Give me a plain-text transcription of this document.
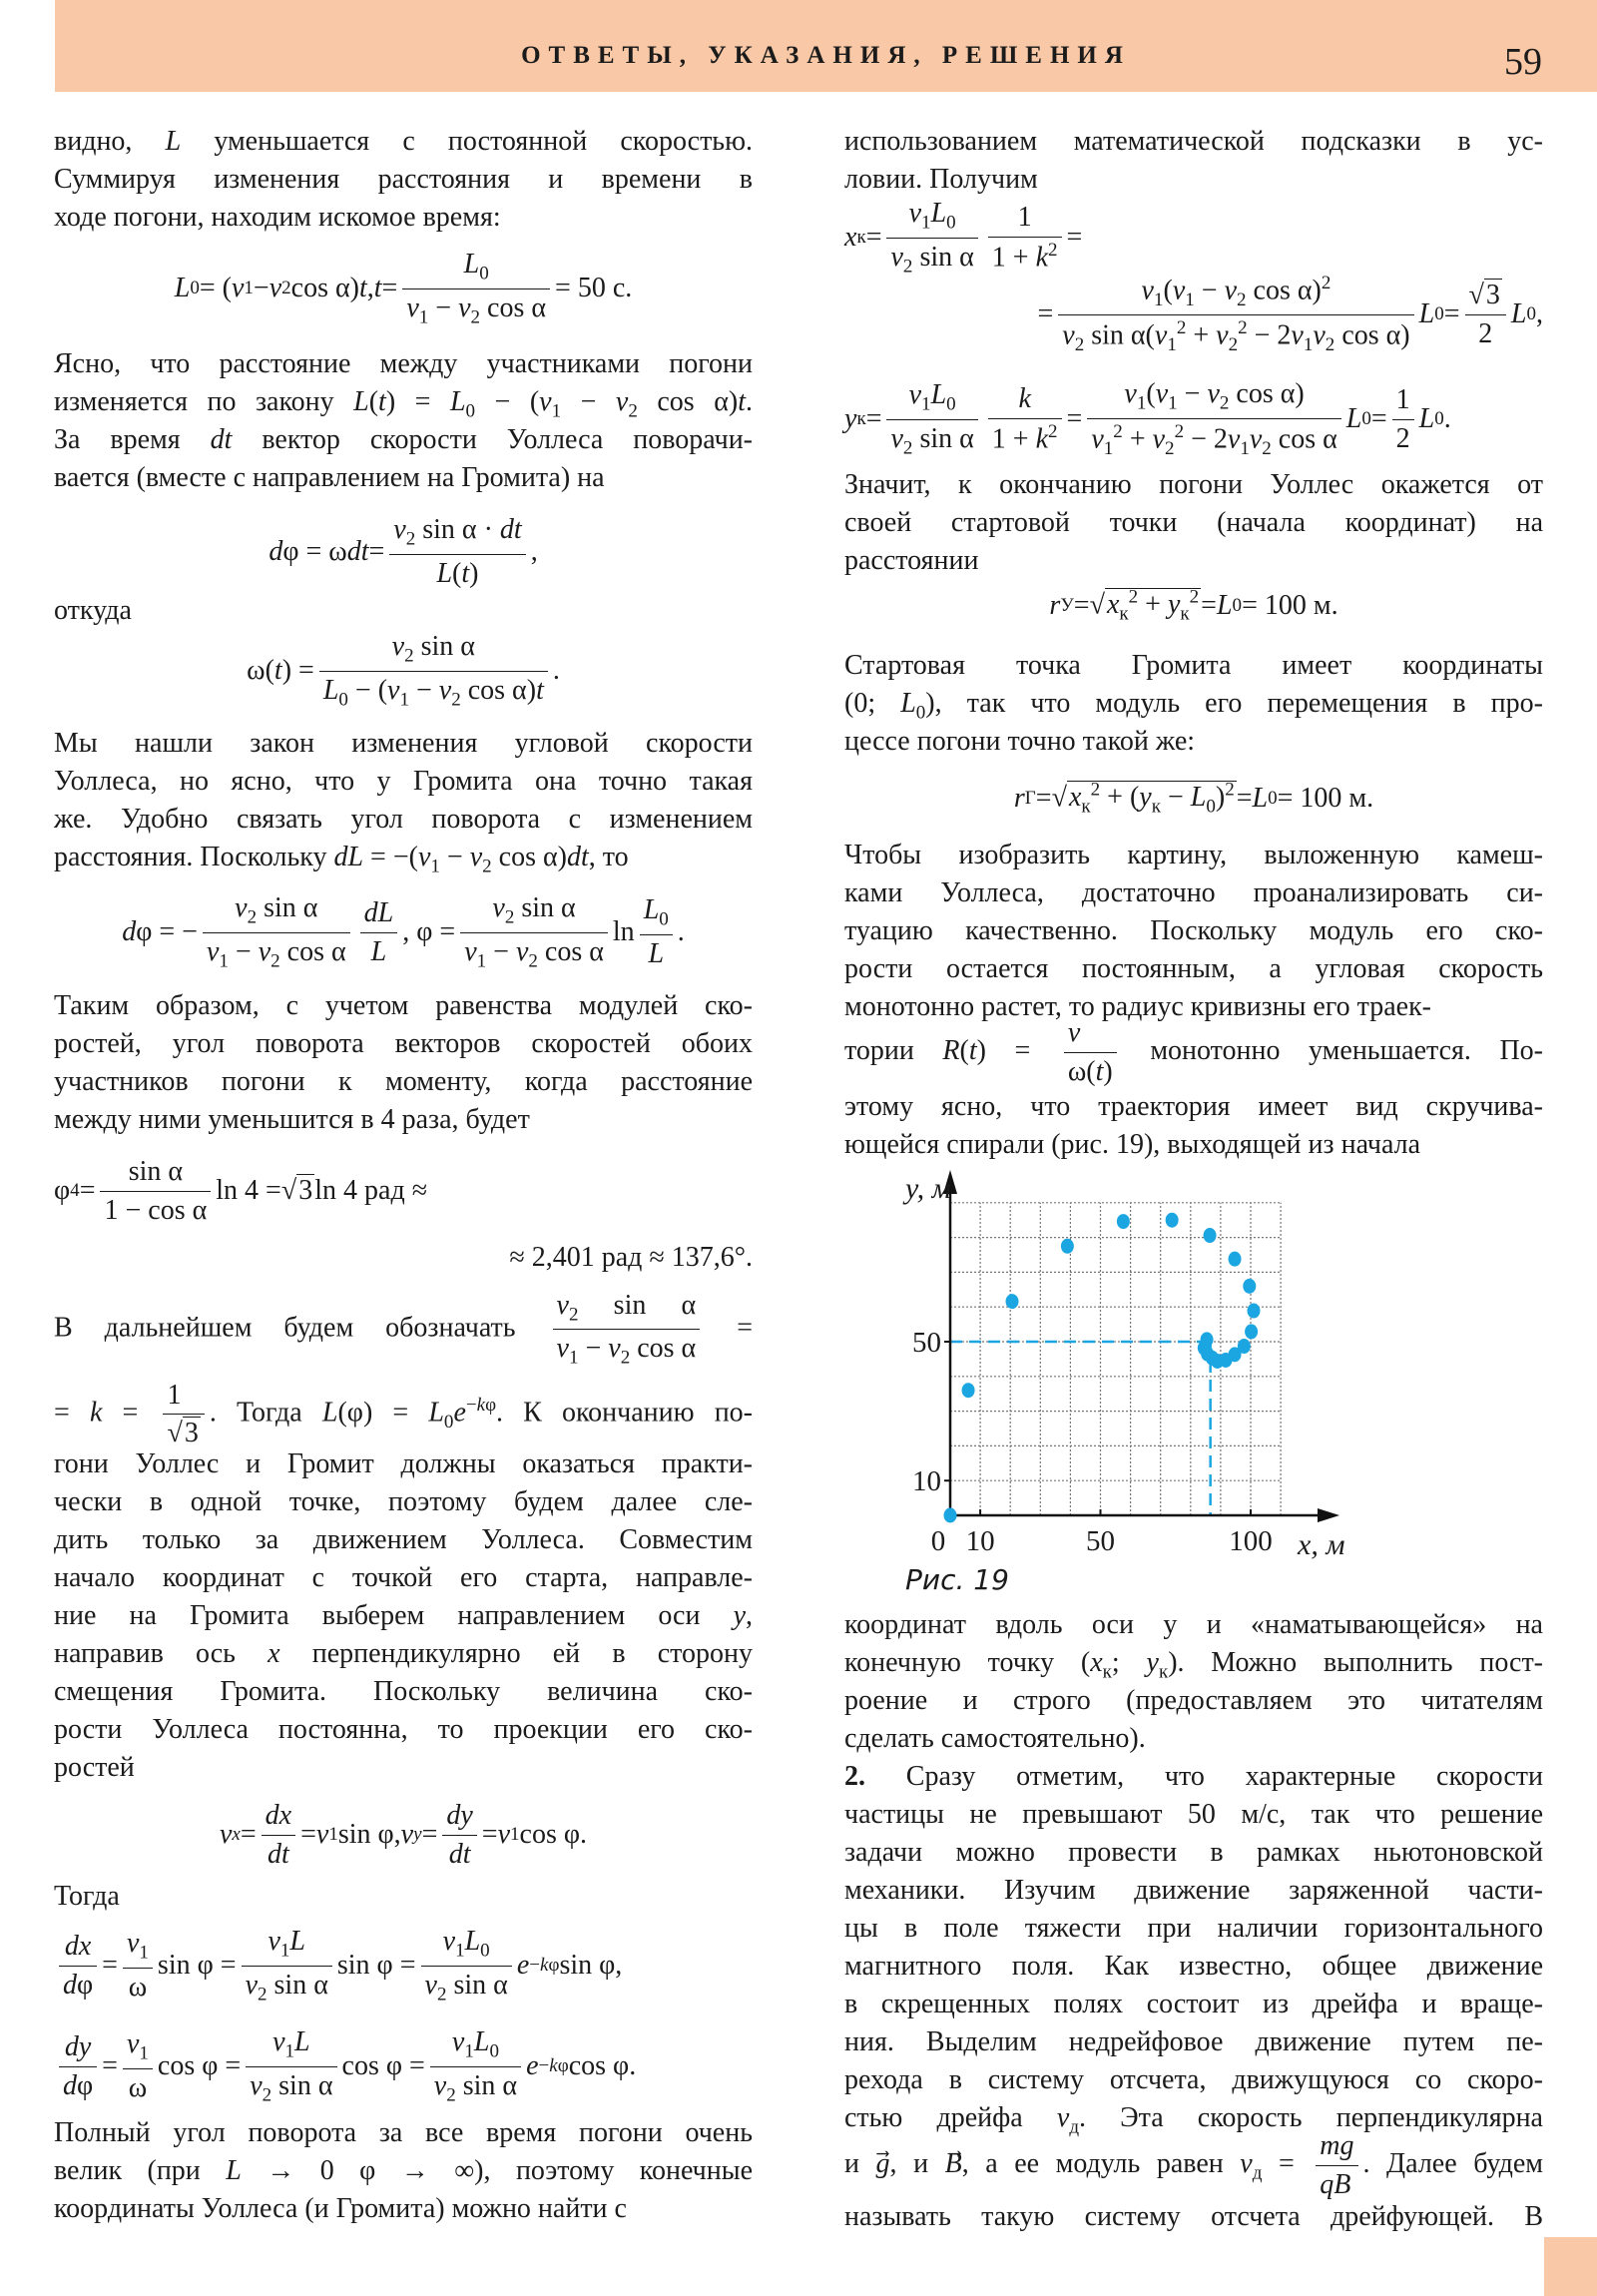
ОТВЕТЫ, УКАЗАНИЯ, РЕШЕНИЯ	59
видно, L уменьшается с постоянной скоростью.
Суммируя изменения расстояния и времени в
ходе погони, находим искомое время:
L 0 = ( v 1 − v 2 cos α) t , t =
$L_0$
$v_1 - v_2$ cos α
= 50 с.
Ясно, что расстояние между участниками погони
изменяется по закону $L(t) = L_0 - (v_1 - v_2$ cos α)t.
За время dt вектор скорости Уоллеса поворачи-
вается (вместе с направлением на Громита) на
d φ = ω dt =
$v_2$ sin α · dt
L(t)
,
откуда
ω( t ) =
$v_2$ sin α
$L_0 - (v_1 - v_2$ cos α)t
.
Мы нашли закон изменения угловой скорости
Уоллеса, но ясно, что у Громита она точно такая
же. Удобно связать угол поворота с изменением
расстояния. Поскольку dL = $-(v_1 - v_2$ cos α)dt, то
d φ = −
$v_2$ sin α
$v_1 - v_2$ cos α
dL
L
, φ =
$v_2$ sin α
$v_1 - v_2$ cos α
ln
$L_0$
L
.
Таким образом, с учетом равенства модулей ско-
ростей, угол поворота векторов скоростей обоих
участников погони к моменту, когда расстояние
между ними уменьшится в 4 раза, будет
φ 4 =
sin α
1 − cos α
ln 4 = √3 ln 4 рад ≈
≈ 2,401 рад ≈ 137,6°.
В дальнейшем будем обозначать $\frac{v_2 \sin \alpha}{v_1 - v_2 \cos \alpha}$ =
= $k = \frac{1}{√3}$ . Тогда $L(\varphi) = L_0e^{-k\varphi}$. К окончанию по-
гони Уоллес и Громит должны оказаться практи-
чески в одной точке, поэтому будем далее сле-
дить только за движением Уоллеса. Совместим
начало координат с точкой его старта, направле-
ние на Громита выберем направлением оси y,
направив ось x перпендикулярно ей в сторону
смещения Громита. Поскольку величина ско-
рости Уоллеса постоянна, то проекции его ско-
ростей
v x =
dx
dt
= v 1 sin φ, v y =
dy
dt
= v 1 cos φ.
Тогда
dx
dφ
=
$v_1$
ω
sin φ =
$v_1L$
$v_2$ sin α
sin φ =
$v_1L_0$
$v_2$ sin α
e −kφ sin φ,
dy
dφ
=
$v_1$
ω
cos φ =
$v_1L$
$v_2$ sin α
cos φ =
$v_1L_0$
$v_2$ sin α
e −kφ cos φ.
Полный угол поворота за все время погони очень
велик (при L → 0 φ → ∞), поэтому конечные
координаты Уоллеса (и Громита) можно найти с
использованием математической подсказки в ус-
ловии. Получим
x к =
$v_1L_0$
$v_2$ sin α
1
$1 + k^2$ =
=
$v_1(v_1 - v_2$ cos α)$^2$
$v_2$ $\sin \alpha(v_1^2 + v_2^2 - 2v_1v_2$ cos α)
L 0 =
√3
2
L 0 ,
y к =
$v_1L_0$
$v_2$ sin α
k
$1 + k^2$ =
$v_1(v_1 - v_2$ cos α)
$v_1^2 + v_2^2 - 2v_1v_2$ cos α
L 0 =
1
2
L 0 .
Значит, к окончанию погони Уоллес окажется от
своей стартовой точки (начала координат) на
расстоянии
r $У = √x_к^2 + y_к^2 = L$ 0 = 100 м.
Стартовая точка Громита имеет координаты
(0; $L_0$), так что модуль его перемещения в про-
цессе погони точно такой же:
r $Г = √x_к^2 + (y_к - L_0)^2 = L$ 0 = 100 м.
Чтобы изобразить картину, выложенную камеш-
ками Уоллеса, достаточно проанализировать си-
туацию качественно. Поскольку модуль его ско-
рости остается постоянным, а угловая скорость
монотонно растет, то радиус кривизны его траек-
тории $R(t) = \frac{v}{\omega(t)}$ монотонно уменьшается. По-
этому ясно, что траектория имеет вид скручива-
ющейся спирали (рис. 19), выходящей из начала
0 10	50	100
10
50
y, м
x, м
Рис. 19
координат вдоль оси y и «наматывающейся» на
конечную точку ($x_к$; $y_к$). Можно выполнить пост-
роение и строго (предоставляем это читателям
сделать самостоятельно).
2. Сразу отметим, что характерные скорости
частицы не превышают 50 м/с, так что решение
задачи можно провести в рамках ньютоновской
механики. Изучим движение заряженной части-
цы в поле тяжести при наличии горизонтального
магнитного поля. Как известно, общее движение
в скрещенных полях состоит из дрейфа и враще-
ния. Выделим недрейфовое движение путем пе-
рехода в систему отсчета, движущуюся со скоро-
стью дрейфа $v_д$. Эта скорость перпендикулярна
и g⃗, и B⃗, а ее модуль равен $v_д = \frac{mg}{qB}$ . Далее будем
называть такую систему отсчета дрейфующей. В
